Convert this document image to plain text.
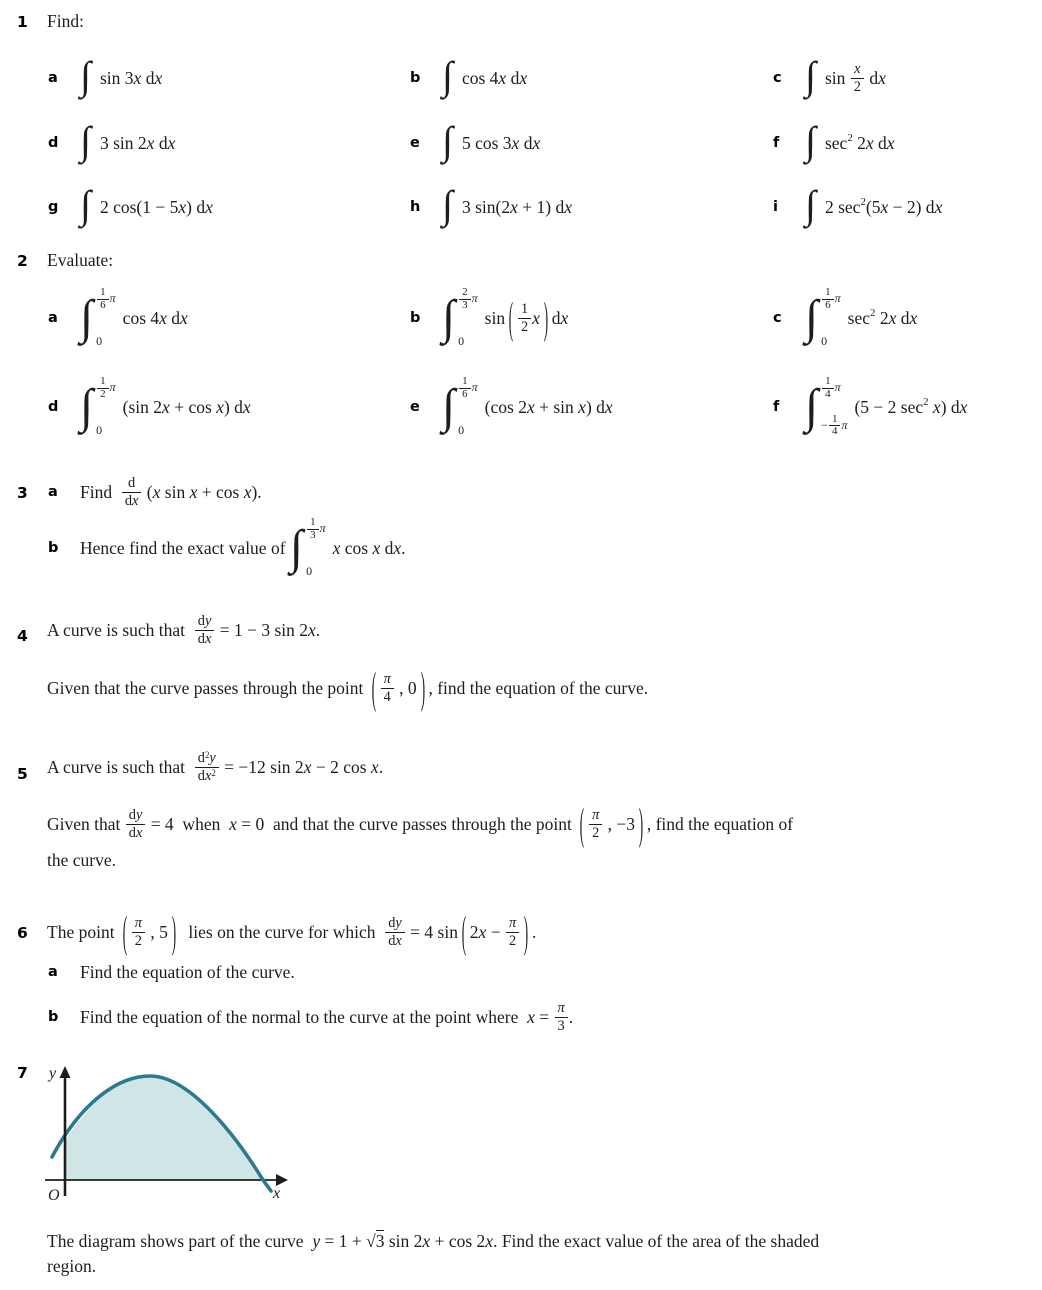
1 Find:
a ∫ sin 3 x d x	b ∫ cos 4 x d x	c ∫ sin x
2 d x
d ∫ 3 sin 2 x d x	e ∫ 5 cos 3 x d x	f ∫ sec 2 2 x d x
g ∫ 2 cos(1 − 5 x ) d x	h ∫ 3 sin(2 x + 1) d x	i ∫ 2 sec 2 (5 x − 2) d x
2 Evaluate:
a ∫ $\frac{1}{6}$ π
0
cos 4 x d x	b ∫ $\frac{2}{3}$ π
0
sin ( 1
2 x ) d x	c ∫ $\frac{1}{6}$ π
0
sec 2 2 x d x
d ∫ $\frac{1}{2}$ π
0
(sin 2 x + cos x ) d x	e ∫ $\frac{1}{6}$ π
0
(cos 2 x + sin x ) d x	f ∫ $\frac{1}{4}$ π
− $\frac{1}{4}$ π
(5 − 2 sec 2
x ) d x
3 a Find d
dx ( x sin x + cos x ).
b Hence find the exact value of ∫ $\frac{1}{3}$ π
0
x cos x d x .
4 A curve is such that $\frac{dy}{dx} = 1 - 3$ sin 2 x .
Given that the curve passes through the point ( π
4 , 0 ) , find the equation of the curve.
5 A curve is such that $\frac{d^2y}{dx^2} = -12$ sin 2 x − 2 cos x .
Given that $\frac{dy}{dx} = 4$  when x = 0  and that the curve passes through the point ( π
2 , −3 ) , find the equation of
the curve.
6 The point ( π
2 , 5 ) lies on the curve for which $\frac{dy}{dx} = 4$ sin ( 2 $x - \frac{\pi}{2}$ ) .
a Find the equation of the curve.
b Find the equation of the normal to the curve at the point where $x = \frac{\pi}{3}$ .
7
O	x
y
The diagram shows part of the curve y = 1 + √3 sin 2 x + cos 2 x . Find the exact value of the area of the shaded
region.
